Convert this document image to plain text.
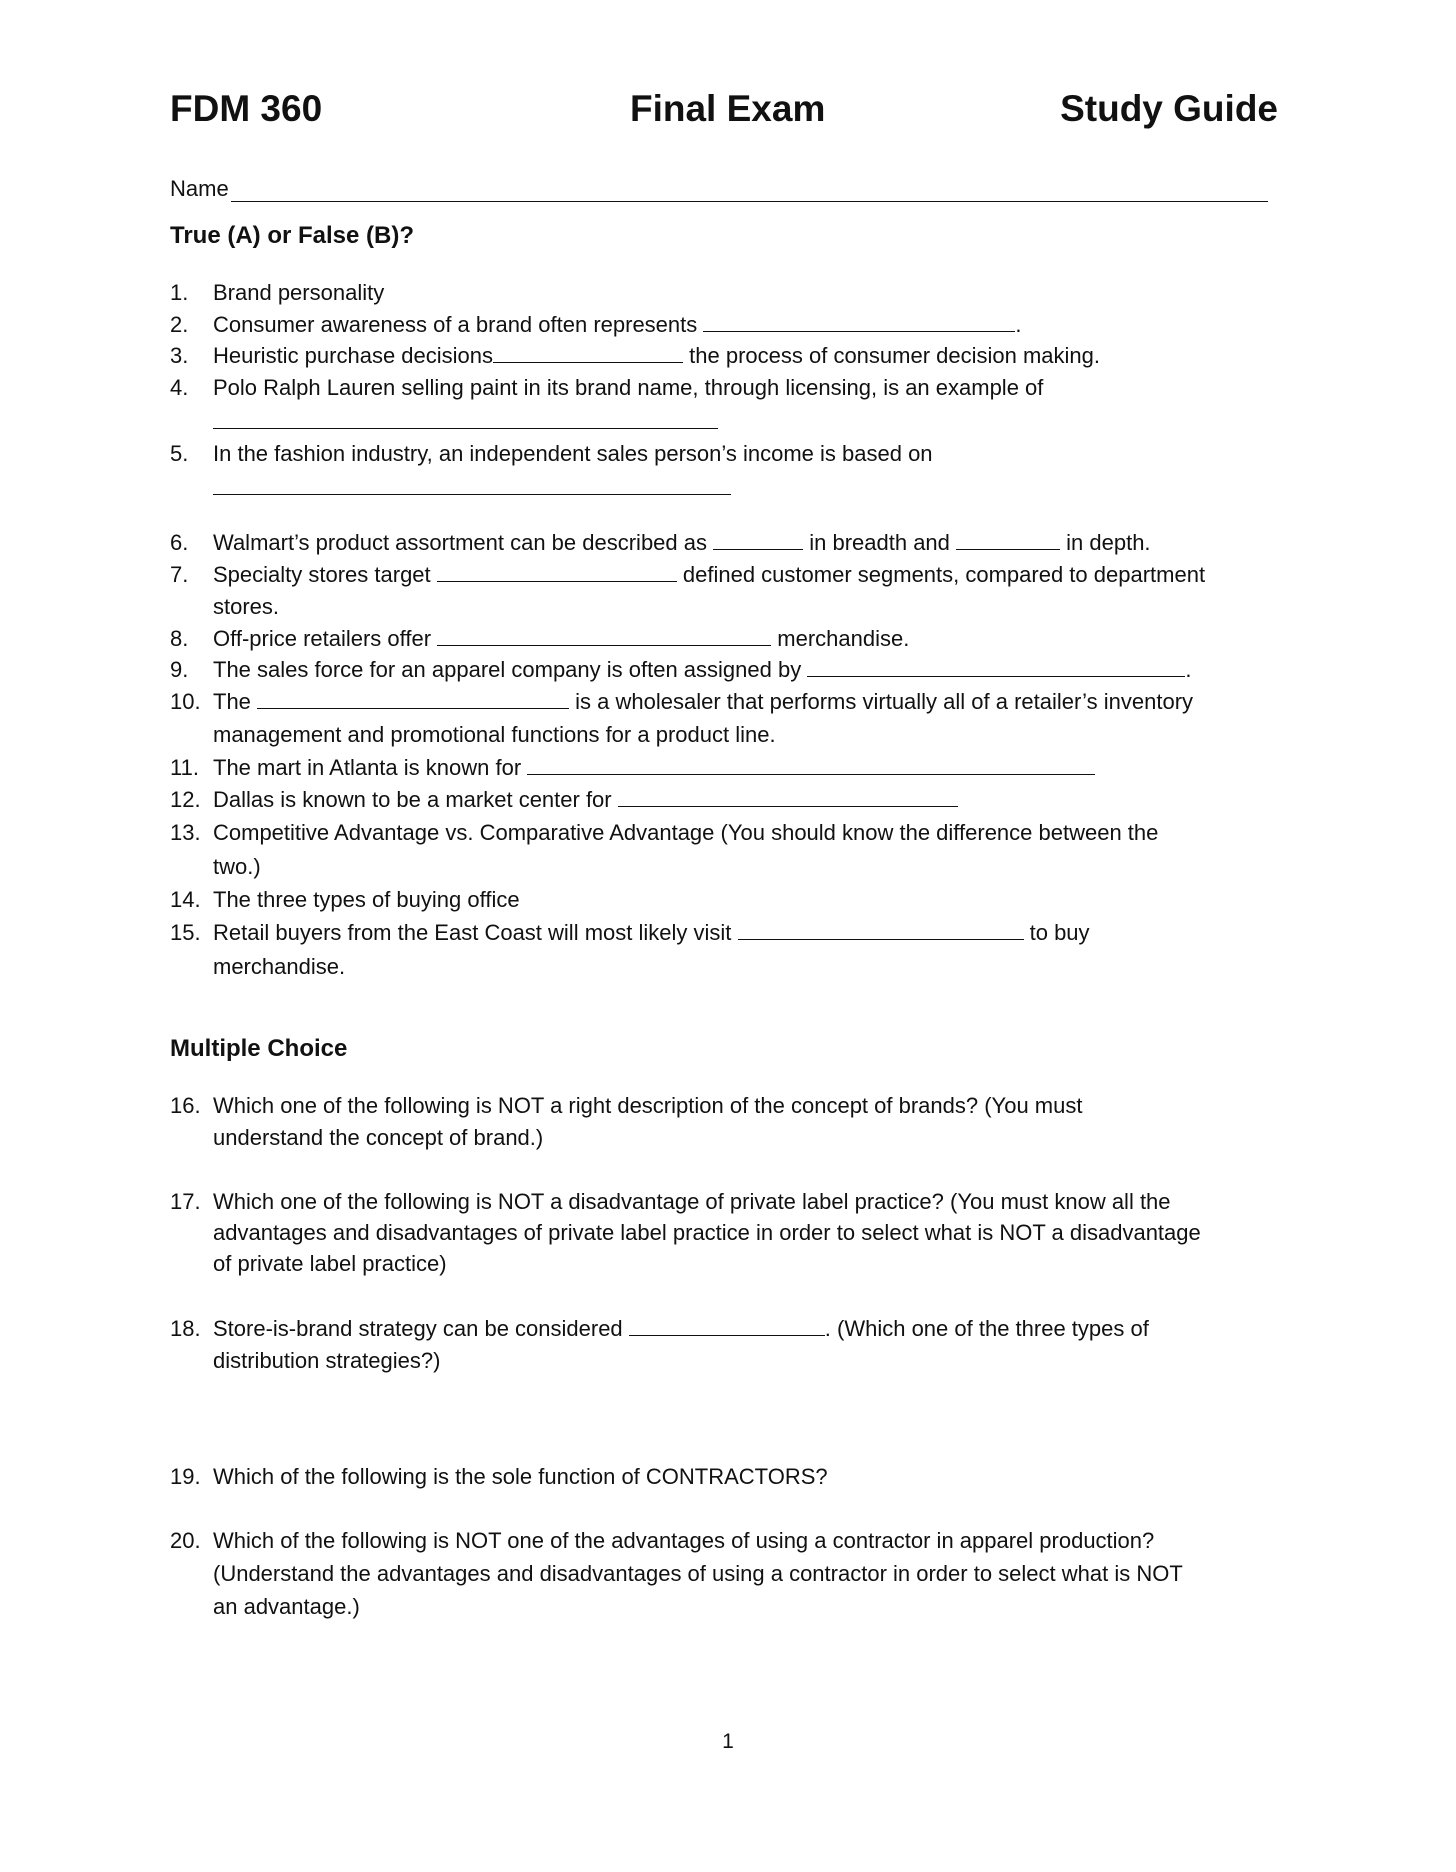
FDM 360	Final Exam	Study Guide
Name
True (A) or False (B)?
1.	Brand personality
2.	Consumer awareness of a brand often represents	.
3.	Heuristic purchase decisions	the process of consumer decision making.
4.	Polo Ralph Lauren selling paint in its brand name, through licensing, is an example of
5.	In the fashion industry, an independent sales person’s income is based on
6.	Walmart’s product assortment can be described as	in breadth and	in depth.
7.	Specialty stores target	defined customer segments, compared to department
stores.
8.	Off-price retailers offer	merchandise.
9.	The sales force for an apparel company is often assigned by	.
10. The	is a wholesaler that performs virtually all of a retailer’s inventory
management and promotional functions for a product line.
11. The mart in Atlanta is known for
12. Dallas is known to be a market center for
13. Competitive Advantage vs. Comparative Advantage (You should know the difference between the
two.)
14. The three types of buying office
15. Retail buyers from the East Coast will most likely visit	to buy
merchandise.
Multiple Choice
16. Which one of the following is NOT a right description of the concept of brands? (You must
understand the concept of brand.)
17. Which one of the following is NOT a disadvantage of private label practice? (You must know all the
advantages and disadvantages of private label practice in order to select what is NOT a disadvantage
of private label practice)
18. Store-is-brand strategy can be considered	. (Which one of the three types of
distribution strategies?)
19. Which of the following is the sole function of CONTRACTORS?
20. Which of the following is NOT one of the advantages of using a contractor in apparel production?
(Understand the advantages and disadvantages of using a contractor in order to select what is NOT
an advantage.)
1
